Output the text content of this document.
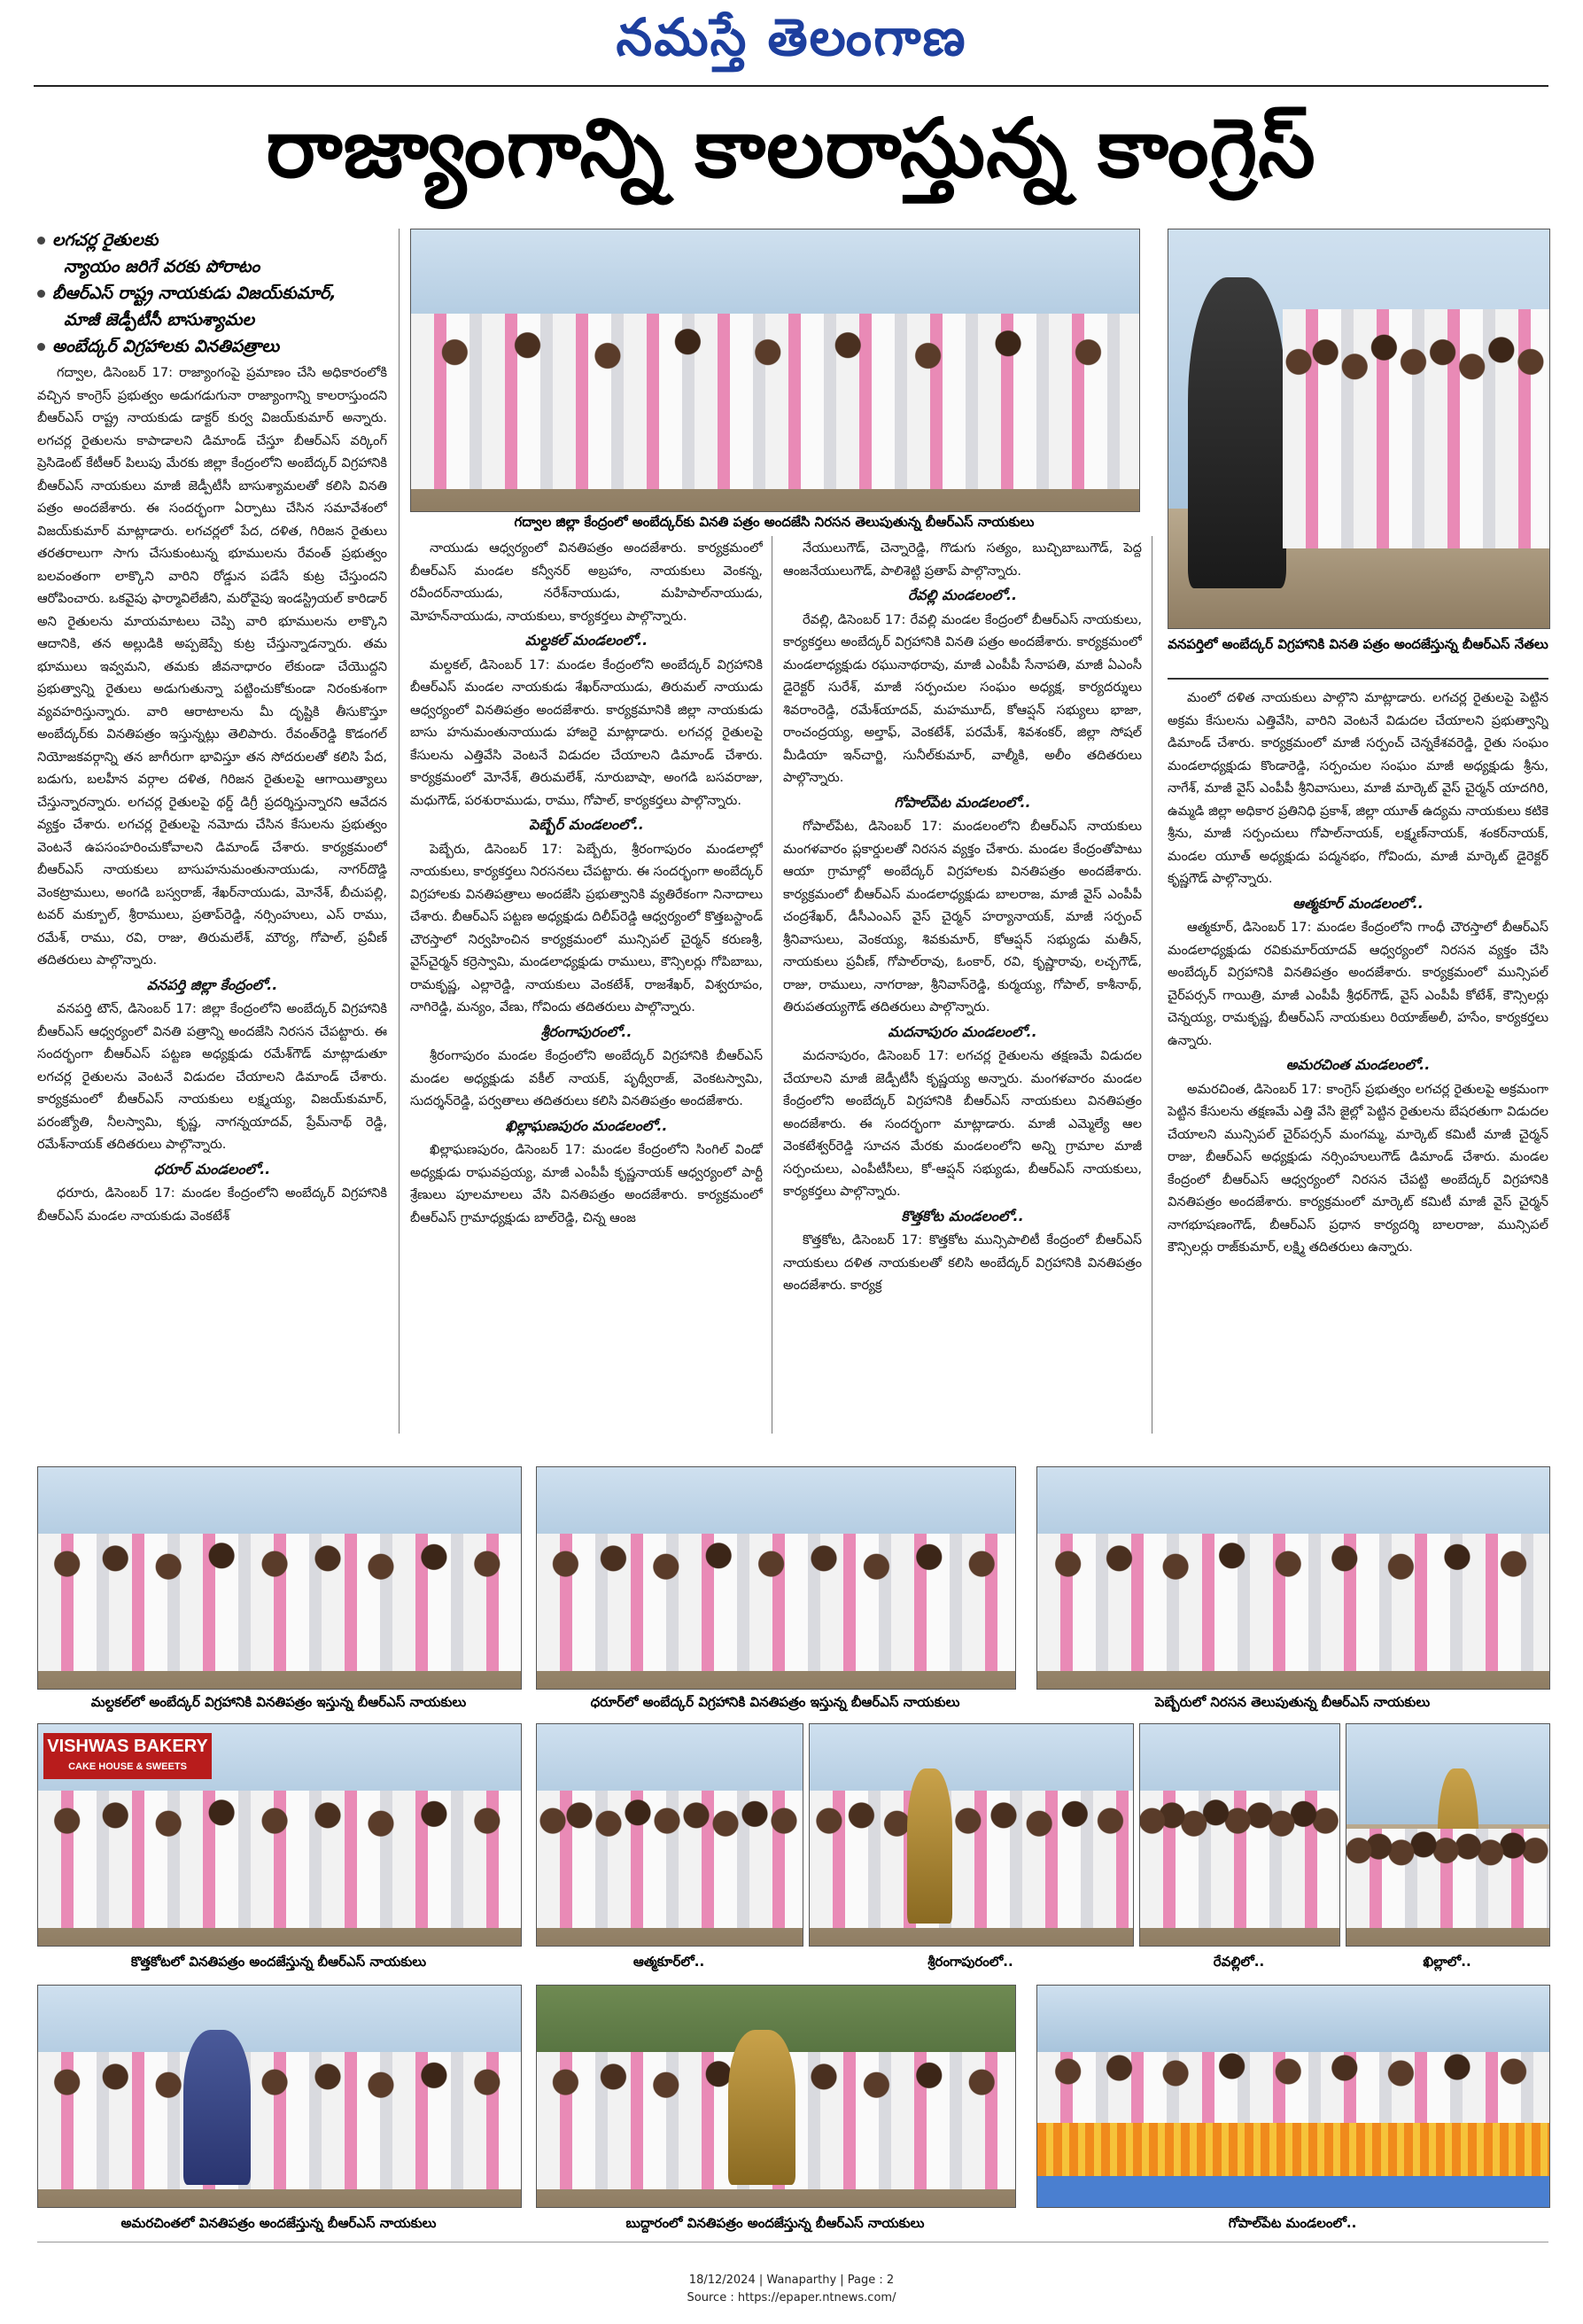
నమస్తే తెలంగాణ
రాజ్యాంగాన్ని కాలరాస్తున్న కాంగ్రెస్
లగచర్ల రైతులకు
న్యాయం జరిగే వరకు పోరాటం
బీఆర్‌ఎస్ రాష్ట్ర నాయకుడు విజయ్‌కుమార్,
మాజీ జెడ్పీటీసీ బాసుశ్యామల
అంబేద్కర్ విగ్రహాలకు వినతిపత్రాలు
గద్వాల జిల్లా కేంద్రంలో అంబేద్కర్‌కు వినతి పత్రం అందజేసి నిరసన తెలుపుతున్న బీఆర్‌ఎస్ నాయకులు
వనపర్తిలో అంబేద్కర్ విగ్రహానికి వినతి పత్రం అందజేస్తున్న బీఆర్‌ఎస్ నేతలు

గద్వాల, డిసెంబర్ 17: రాజ్యాంగంపై ప్రమాణం చేసి అధికారంలోకి వచ్చిన కాంగ్రెస్ ప్రభుత్వం అడుగడుగునా రాజ్యాంగాన్ని కాలరాస్తుందని బీఆర్‌ఎస్ రాష్ట్ర నాయకుడు డాక్టర్ కుర్వ విజయ్‌కుమార్ అన్నారు. లగచర్ల రైతులను కాపాడాలని డిమాండ్ చేస్తూ బీఆర్‌ఎస్ వర్కింగ్ ప్రెసిడెంట్ కేటీఆర్ పిలుపు మేరకు జిల్లా కేంద్రంలోని అంబేద్కర్ విగ్రహానికి బీఆర్‌ఎస్ నాయకులు మాజీ జెడ్పీటీసీ బాసుశ్యామలతో కలిసి వినతి పత్రం అందజేశారు. ఈ సందర్భంగా ఏర్పాటు చేసిన సమావేశంలో విజయ్‌కుమార్ మాట్లాడారు. లగచర్లలో పేద, దళిత, గిరిజన రైతులు తరతరాలుగా సాగు చేసుకుంటున్న భూములను రేవంత్ ప్రభుత్వం బలవంతంగా లాక్కొని వారిని రోడ్డున పడేసే కుట్ర చేస్తుందని ఆరోపించారు. ఒకవైపు ఫార్మావిలేజీని, మరోవైపు ఇండస్ట్రియల్ కారిడార్ అని రైతులను మాయమాటలు చెప్పి వారి భూములను లాక్కొని ఆదానికి, తన అల్లుడికి అప్పజెప్పే కుట్ర చేస్తున్నాడన్నారు. తమ భూములు ఇవ్వమని, తమకు జీవనాధారం లేకుండా చేయొద్దని ప్రభుత్వాన్ని రైతులు అడుగుతున్నా పట్టించుకోకుండా నిరంకుశంగా వ్యవహరిస్తున్నారు. వారి ఆరాటాలను మీ దృష్టికి తీసుకొస్తూ అంబేద్కర్‌కు వినతిపత్రం ఇస్తున్నట్లు తెలిపారు. రేవంత్‌రెడ్డి కొడంగల్ నియోజకవర్గాన్ని తన జాగీరుగా భావిస్తూ తన సోదరులతో కలిసి పేద, బడుగు, బలహీన వర్గాల దళిత, గిరిజన రైతులపై ఆగాయిత్యాలు చేస్తున్నారన్నారు. లగచర్ల రైతులపై థర్డ్ డిగ్రీ ప్రదర్శిస్తున్నారని ఆవేదన వ్యక్తం చేశారు. లగచర్ల రైతులపై నమోదు చేసిన కేసులను ప్రభుత్వం వెంటనే ఉపసంహరించుకోవాలని డిమాండ్ చేశారు. కార్యక్రమంలో బీఆర్‌ఎస్ నాయకులు బాసుహనుమంతునాయుడు, నాగర్‌దొడ్డి వెంకట్రాములు, అంగడి బస్వరాజ్, శేఖర్‌నాయుడు, మోనేశ్, బీచుపల్లి, టవర్ మక్బూల్, శ్రీరాములు, ప్రతాప్‌రెడ్డి, నర్సింహులు, ఎస్‌ రాము, రమేశ్, రాము, రవి, రాజు, తిరుమలేశ్, మౌర్య, గోపాల్, ప్రవీణ్ తదితరులు పాల్గొన్నారు.

వనపర్తి జిల్లా కేంద్రంలో..

వనపర్తి టౌన్, డిసెంబర్ 17: జిల్లా కేంద్రంలోని అంబేద్కర్ విగ్రహానికి బీఆర్‌ఎస్ ఆధ్వర్యంలో వినతి పత్రాన్ని అందజేసి నిరసన చేపట్టారు. ఈ సందర్భంగా బీఆర్‌ఎస్ పట్టణ అధ్యక్షుడు రమేశ్‌గౌడ్ మాట్లాడుతూ లగచర్ల రైతులను వెంటనే విడుదల చేయాలని డిమాండ్ చేశారు. కార్యక్రమంలో బీఆర్‌ఎస్ నాయకులు లక్ష్మయ్య, విజయ్‌కుమార్, పరంజ్యోతి, నీలస్వామి, కృష్ణ, నాగన్నయాదవ్, ప్రేమ్‌నాథ్ రెడ్డి, రమేశ్‌నాయక్ తదితరులు పాల్గొన్నారు.

ధరూర్ మండలంలో..

ధరూరు, డిసెంబర్ 17: మండల కేంద్రంలోని అంబేద్కర్ విగ్రహానికి బీఆర్‌ఎస్ మండల నాయకుడు వెంకటేశ్

నాయుడు ఆధ్వర్యంలో వినతిపత్రం అందజేశారు. కార్యక్రమంలో బీఆర్‌ఎస్ మండల కన్వీనర్ అబ్రహాం, నాయకులు వెంకన్న, రవీందర్‌నాయుడు, నరేశ్‌నాయుడు, మహిపాల్‌నాయుడు, మోహన్‌నాయుడు, నాయకులు, కార్యకర్తలు పాల్గొన్నారు.

మల్దకల్ మండలంలో..

మల్దకల్, డిసెంబర్ 17: మండల కేంద్రంలోని అంబేద్కర్ విగ్రహానికి బీఆర్‌ఎస్ మండల నాయకుడు శేఖర్‌నాయుడు, తిరుమల్ నాయుడు ఆధ్వర్యంలో వినతిపత్రం అందజేశారు. కార్యక్రమానికి జిల్లా నాయకుడు బాసు హనుమంతునాయుడు హాజరై మాట్లాడారు. లగచర్ల రైతులపై కేసులను ఎత్తివేసి వెంటనే విడుదల చేయాలని డిమాండ్ చేశారు. కార్యక్రమంలో మోనేశ్, తిరుమలేశ్, నూరుబాషా, అంగడి బసవరాజు, మధుగౌడ్, పరశురాముడు, రాము, గోపాల్, కార్యకర్తలు పాల్గొన్నారు.

పెబ్బేర్ మండలంలో..

పెబ్బేరు, డిసెంబర్ 17: పెబ్బేరు, శ్రీరంగాపురం మండలాల్లో నాయకులు, కార్యకర్తలు నిరసనలు చేపట్టారు. ఈ సందర్భంగా అంబేద్కర్ విగ్రహాలకు వినతిపత్రాలు అందజేసి ప్రభుత్వానికి వ్యతిరేకంగా నినాదాలు చేశారు. బీఆర్‌ఎస్ పట్టణ అధ్యక్షుడు దిలీప్‌రెడ్డి ఆధ్వర్యంలో కొత్తబస్టాండ్ చౌరస్తాలో నిర్వహించిన కార్యక్రమంలో మున్సిపల్ చైర్మన్ కరుణశ్రీ, వైస్‌చైర్మన్ కర్రెస్వామి, మండలాధ్యక్షుడు రాములు, కౌన్సిలర్లు గోపిబాబు, రామకృష్ణ, ఎల్లారెడ్డి, నాయకులు వెంకటేశ్, రాజశేఖర్, విశ్వరూపం, నాగిరెడ్డి, మన్యం, వేణు, గోవిందు తదితరులు పాల్గొన్నారు.

శ్రీరంగాపురంలో..

శ్రీరంగాపురం మండల కేంద్రంలోని అంబేద్కర్ విగ్రహానికి బీఆర్‌ఎస్ మండల అధ్యక్షుడు వకీల్ నాయక్, పృథ్వీరాజ్, వెంకటస్వామి, సుదర్శన్‌రెడ్డి, పర్వతాలు తదితరులు కలిసి వినతిపత్రం అందజేశారు.

ఖిల్లాఘణపురం మండలంలో..

ఖిల్లాఘణపురం, డిసెంబర్ 17: మండల కేంద్రంలోని సింగిల్ విండో అధ్యక్షుడు రాఘవప్రయ్య, మాజీ ఎంపీపీ కృష్ణనాయక్ ఆధ్వర్యంలో పార్టీ శ్రేణులు పూలమాలలు వేసి వినతిపత్రం అందజేశారు. కార్యక్రమంలో బీఆర్‌ఎస్ గ్రామాధ్యక్షుడు బాల్‌రెడ్డి, చిన్న ఆంజ

నేయులుగౌడ్, చెన్నారెడ్డి, గొడుగు సత్యం, బుచ్చిబాబుగౌడ్, పెద్ద ఆంజనేయులుగౌడ్, పాలిశెట్టి ప్రతాప్ పాల్గొన్నారు.

రేవల్లి మండలంలో..

రేవల్లి, డిసెంబర్ 17: రేవల్లి మండల కేంద్రంలో బీఆర్‌ఎస్ నాయకులు, కార్యకర్తలు అంబేద్కర్ విగ్రహానికి వినతి పత్రం అందజేశారు. కార్యక్రమంలో మండలాధ్యక్షుడు రఘునాథరావు, మాజీ ఎంపీపీ సేనాపతి, మాజీ ఏఎంసీ డైరెక్టర్ సురేశ్, మాజీ సర్పంచుల సంఘం అధ్యక్ష, కార్యదర్శులు శివరాంరెడ్డి, రమేశ్‌యాదవ్, మహమూద్, కోఆప్షన్ సభ్యులు భాజా, రాంచంద్రయ్య, అల్తాఫ్, వెంకటేశ్, పరమేశ్, శివశంకర్, జిల్లా సోషల్ మీడియా ఇన్‌చార్జి, సునీల్‌కుమార్, వాల్మీకి, అలీం తదితరులు పాల్గొన్నారు.

గోపాల్‌పేట మండలంలో..

గోపాల్‌పేట, డిసెంబర్ 17: మండలంలోని బీఆర్‌ఎస్ నాయకులు మంగళవారం ప్లకార్డులతో నిరసన వ్యక్తం చేశారు. మండల కేంద్రంతోపాటు ఆయా గ్రామాల్లో అంబేద్కర్ విగ్రహాలకు వినతిపత్రం అందజేశారు. కార్యక్రమంలో బీఆర్‌ఎస్ మండలాధ్యక్షుడు బాలరాజ, మాజీ వైస్ ఎంపీపీ చంద్రశేఖర్, డీసీఎంఎస్ వైస్ చైర్మన్ హర్యానాయక్, మాజీ సర్పంచ్ శ్రీనివాసులు, వెంకయ్య, శివకుమార్, కోఆప్షన్ సభ్యుడు మతీన్, నాయకులు ప్రవీణ్, గోపాల్‌రావు, ఓంకార్, రవి, కృష్ణారావు, లచ్చగౌడ్, రాజు, రాములు, నాగరాజు, శ్రీనివాస్‌రెడ్డి, కుర్మయ్య, గోపాల్, కాశీనాథ్, తిరుపతయ్యగౌడ్ తదితరులు పాల్గొన్నారు.

మదనాపురం మండలంలో..

మదనాపురం, డిసెంబర్ 17: లగచర్ల రైతులను తక్షణమే విడుదల చేయాలని మాజీ జెడ్పీటీసీ కృష్ణయ్య అన్నారు. మంగళవారం మండల కేంద్రంలోని అంబేద్కర్ విగ్రహానికి బీఆర్‌ఎస్ నాయకులు వినతిపత్రం అందజేశారు. ఈ సందర్భంగా మాట్లాడారు. మాజీ ఎమ్మెల్యే ఆల వెంకటేశ్వర్‌రెడ్డి సూచన మేరకు మండలంలోని అన్ని గ్రామాల మాజీ సర్పంచులు, ఎంపీటీసీలు, కో-ఆప్షన్ సభ్యుడు, బీఆర్‌ఎస్ నాయకులు, కార్యకర్తలు పాల్గొన్నారు.

కొత్తకోట మండలంలో..

కొత్తకోట, డిసెంబర్ 17: కొత్తకోట మున్సిపాలిటీ కేంద్రంలో బీఆర్‌ఎస్ నాయకులు దళిత నాయకులతో కలిసి అంబేద్కర్ విగ్రహానికి వినతిపత్రం అందజేశారు. కార్యక్ర

మంలో దళిత నాయకులు పాల్గొని మాట్లాడారు. లగచర్ల రైతులపై పెట్టిన అక్రమ కేసులను ఎత్తివేసి, వారిని వెంటనే విడుదల చేయాలని ప్రభుత్వాన్ని డిమాండ్ చేశారు. కార్యక్రమంలో మాజీ సర్పంచ్ చెన్నకేశవరెడ్డి, రైతు సంఘం మండలాధ్యక్షుడు కొండారెడ్డి, సర్పంచుల సంఘం మాజీ అధ్యక్షుడు శ్రీను, నాగేశ్, మాజీ వైస్ ఎంపీపీ శ్రీనివాసులు, మాజీ మార్కెట్ వైస్ చైర్మన్ యాదగిరి, ఉమ్మడి జిల్లా అధికార ప్రతినిధి ప్రకాశ్, జిల్లా యూత్ ఉద్యమ నాయకులు కటికె శ్రీను, మాజీ సర్పంచులు గోపాల్‌నాయక్, లక్ష్మణ్‌నాయక్, శంకర్‌నాయక్, మండల యూత్ అధ్యక్షుడు పద్మనభం, గోవిందు, మాజీ మార్కెట్ డైరెక్టర్ కృష్ణగౌడ్ పాల్గొన్నారు.

ఆత్మకూర్ మండలంలో..

ఆత్మకూర్, డిసెంబర్ 17: మండల కేంద్రంలోని గాంధీ చౌరస్తాలో బీఆర్‌ఎస్ మండలాధ్యక్షుడు రవికుమార్‌యాదవ్ ఆధ్వర్యంలో నిరసన వ్యక్తం చేసి అంబేద్కర్ విగ్రహానికి వినతిపత్రం అందజేశారు. కార్యక్రమంలో మున్సిపల్ చైర్‌పర్సన్ గాయిత్రి, మాజీ ఎంపీపీ శ్రీధర్‌గౌడ్, వైస్ ఎంపీపీ కోటేశ్, కౌన్సిలర్లు చెన్నయ్య, రామకృష్ణ, బీఆర్‌ఎస్ నాయకులు రియాజ్‌అలీ, హసేం, కార్యకర్తలు ఉన్నారు.

అమరచింత మండలంలో..

అమరచింత, డిసెంబర్ 17: కాంగ్రెస్ ప్రభుత్వం లగచర్ల రైతులపై అక్రమంగా పెట్టిన కేసులను తక్షణమే ఎత్తి వేసి జైల్లో పెట్టిన రైతులను బేషరతుగా విడుదల చేయాలని మున్సిపల్ చైర్‌పర్సన్ మంగమ్మ, మార్కెట్ కమిటీ మాజీ చైర్మన్ రాజు, బీఆర్‌ఎస్ అధ్యక్షుడు నర్సింహులుగౌడ్ డిమాండ్ చేశారు. మండల కేంద్రంలో బీఆర్‌ఎస్ ఆధ్వర్యంలో నిరసన చేపట్టి అంబేద్కర్ విగ్రహానికి వినతిపత్రం అందజేశారు. కార్యక్రమంలో మార్కెట్ కమిటీ మాజీ వైస్ చైర్మన్ నాగభూషణంగౌడ్, బీఆర్‌ఎస్ ప్రధాన కార్యదర్శి బాలరాజు, మున్సిపల్ కౌన్సిలర్లు రాజ్‌కుమార్, లక్ష్మి తదితరులు ఉన్నారు.

మల్దకల్‌లో అంబేద్కర్ విగ్రహానికి వినతిపత్రం ఇస్తున్న బీఆర్‌ఎస్ నాయకులు	ధరూర్‌లో అంబేద్కర్ విగ్రహానికి వినతిపత్రం ఇస్తున్న బీఆర్‌ఎస్ నాయకులు	పెబ్బేరులో నిరసన తెలుపుతున్న బీఆర్‌ఎస్ నాయకులు
VISHWAS BAKERY
CAKE HOUSE & SWEETS
కొత్తకోటలో వినతిపత్రం అందజేస్తున్న బీఆర్‌ఎస్ నాయకులు	ఆత్మకూర్‌లో..	శ్రీరంగాపురంలో..	రేవల్లిలో..	ఖిల్లాలో..
అమరచింతలో వినతిపత్రం అందజేస్తున్న బీఆర్‌ఎస్ నాయకులు	బుద్దారంలో వినతిపత్రం అందజేస్తున్న బీఆర్‌ఎస్ నాయకులు	గోపాల్‌పేట మండలంలో..
18/12/2024 | Wanaparthy | Page : 2
Source : https://epaper.ntnews.com/
